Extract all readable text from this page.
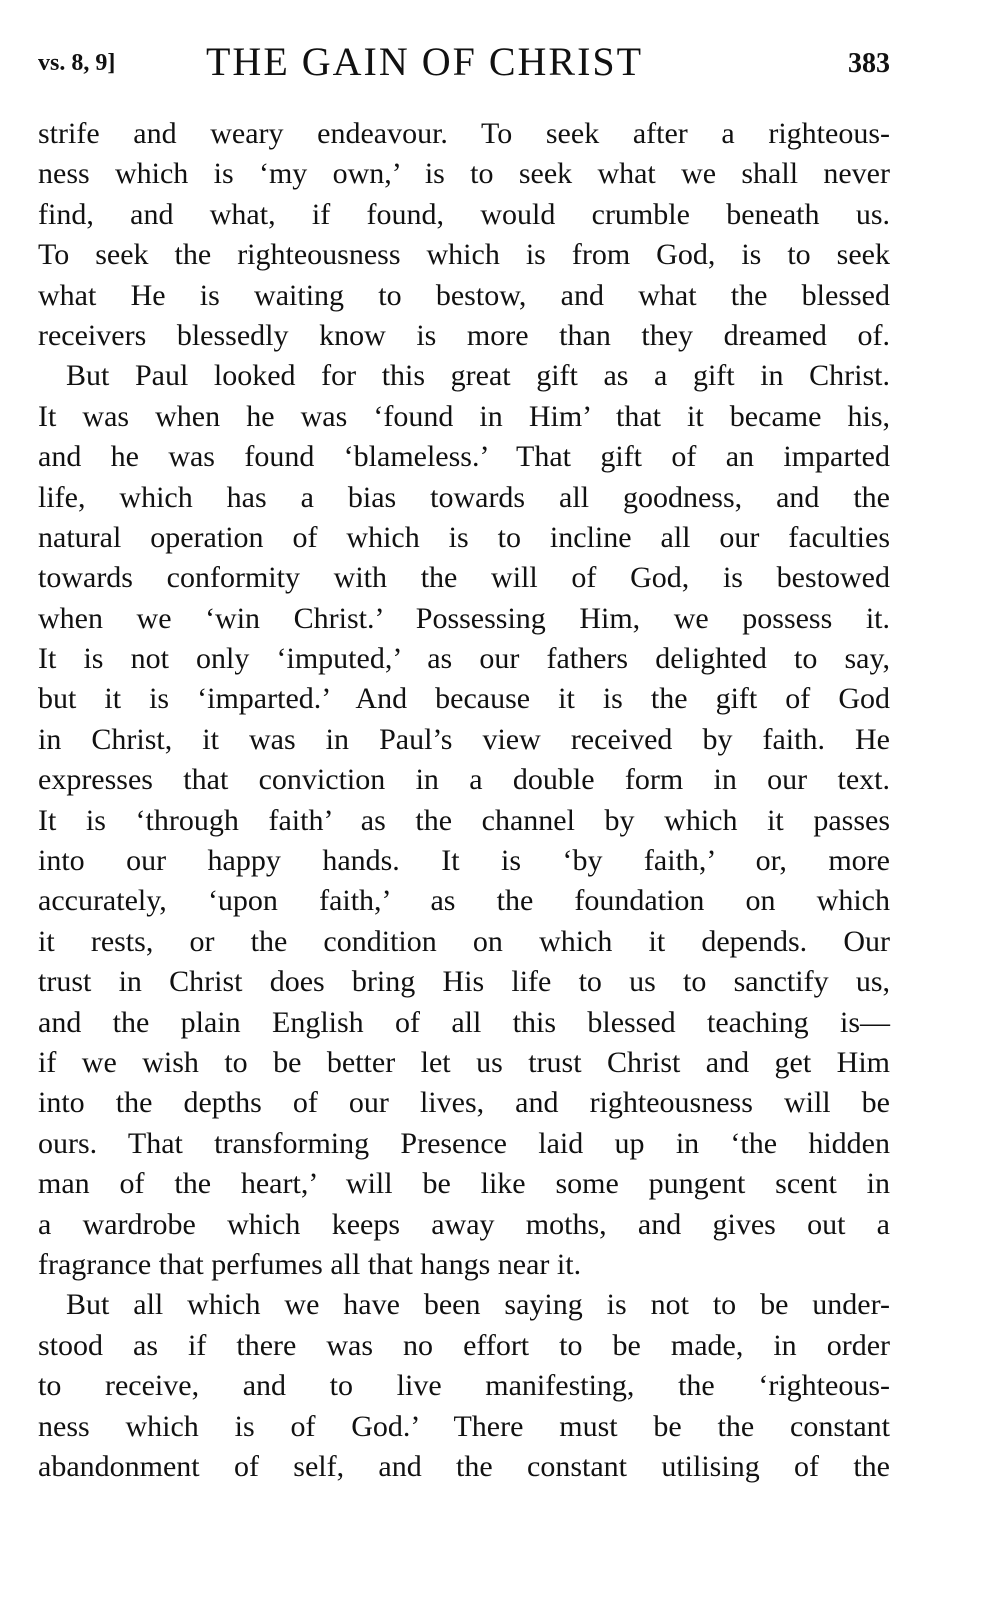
vs. 8, 9] THE GAIN OF CHRIST	383
strife and weary endeavour. To seek after a righteous-
ness which is ‘my own,’ is to seek what we shall never
find, and what, if found, would crumble beneath us.
To seek the righteousness which is from God, is to seek
what He is waiting to bestow, and what the blessed
receivers blessedly know is more than they dreamed of.
But Paul looked for this great gift as a gift in Christ.
It was when he was ‘found in Him’ that it became his,
and he was found ‘blameless.’ That gift of an imparted
life, which has a bias towards all goodness, and the
natural operation of which is to incline all our faculties
towards conformity with the will of God, is bestowed
when we ‘win Christ.’ Possessing Him, we possess it.
It is not only ‘imputed,’ as our fathers delighted to say,
but it is ‘imparted.’ And because it is the gift of God
in Christ, it was in Paul’s view received by faith. He
expresses that conviction in a double form in our text.
It is ‘through faith’ as the channel by which it passes
into our happy hands. It is ‘by faith,’ or, more
accurately, ‘upon faith,’ as the foundation on which
it rests, or the condition on which it depends. Our
trust in Christ does bring His life to us to sanctify us,
and the plain English of all this blessed teaching is—
if we wish to be better let us trust Christ and get Him
into the depths of our lives, and righteousness will be
ours. That transforming Presence laid up in ‘the hidden
man of the heart,’ will be like some pungent scent in
a wardrobe which keeps away moths, and gives out a
fragrance that perfumes all that hangs near it.
But all which we have been saying is not to be under-
stood as if there was no effort to be made, in order
to receive, and to live manifesting, the ‘righteous-
ness which is of God.’ There must be the constant
abandonment of self, and the constant utilising of the
